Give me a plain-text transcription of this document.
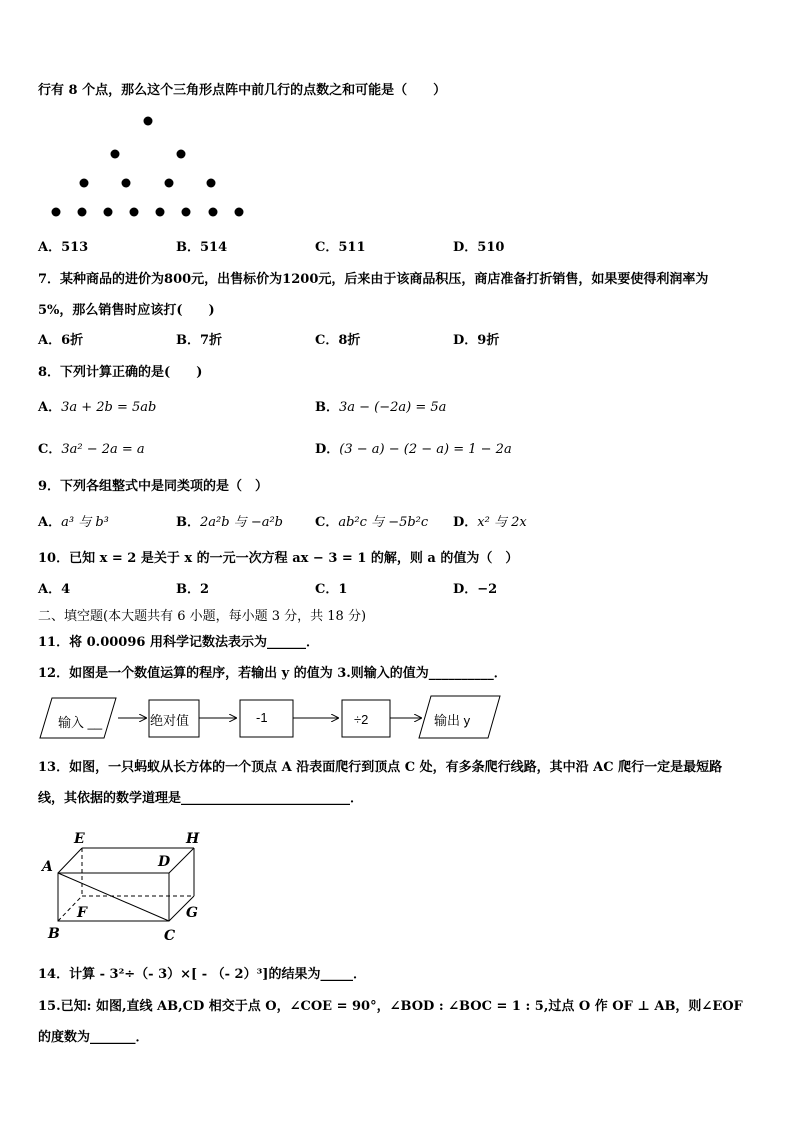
行有 8 个点，那么这个三角形点阵中前几行的点数之和可能是（　　）
A．513	B．514	C．511	D．510
7．某种商品的进价为800元，出售标价为1200元，后来由于该商品积压，商店准备打折销售，如果要使得利润率为
5%，那么销售时应该打(　　)
A．6折	B．7折	C．8折	D．9折
8．下列计算正确的是(　　)
A．3a + 2b = 5ab	B．3a − (−2a) = 5a
C．3a² − 2a = a	D．(3 − a) − (2 − a) = 1 − 2a
9．下列各组整式中是同类项的是（　）
A．a³ 与 b³	B．2a²b 与 −a²b C．ab²c 与 −5b²c D．x² 与 2x
10．已知 x = 2 是关于 x 的一元一次方程 ax − 3 = 1 的解，则 a 的值为（　）
A．4	B．2	C．1	D．−2
二、填空题(本大题共有 6 小题，每小题 3 分，共 18 分)
11．将 0.00096 用科学记数法表示为______．
12．如图是一个数值运算的程序，若输出 y 的值为 3.则输入的值为__________．
输入 __	绝对值	-1	÷2	输出 y
13．如图，一只蚂蚁从长方体的一个顶点 A 沿表面爬行到顶点 C 处，有多条爬行线路，其中沿 AC 爬行一定是最短路
线，其依据的数学道理是__________________________．
E	H
A	D
F	G
B	C
14．计算 - 3²÷（- 3）×[ - （- 2）³]的结果为_____．
15.已知: 如图,直线 AB,CD 相交于点 O，∠COE = 90°，∠BOD : ∠BOC = 1 : 5,过点 O 作 OF ⊥ AB，则∠EOF
的度数为_______．
